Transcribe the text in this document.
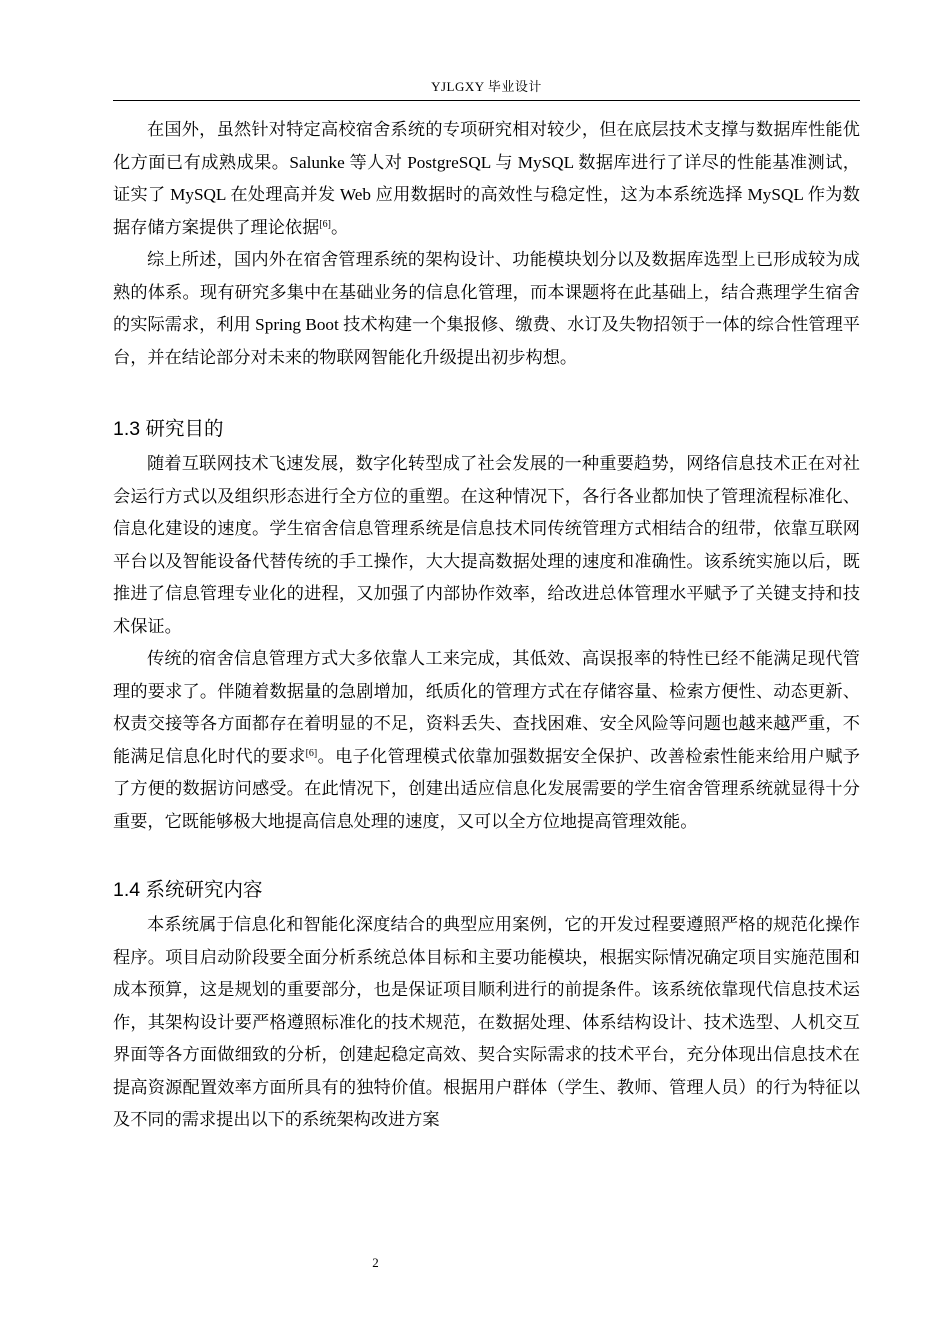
YJLGXY 毕业设计

在国外，虽然针对特定高校宿舍系统的专项研究相对较少，但在底层技术支撑与数据库性能优化方面已有成熟成果。Salunke 等人对 PostgreSQL 与 MySQL 数据库进行了详尽的性能基准测试，证实了 MySQL 在处理高并发 Web 应用数据时的高效性与稳定性，这为本系统选择 MySQL 作为数据存储方案提供了理论依据[6]。

综上所述，国内外在宿舍管理系统的架构设计、功能模块划分以及数据库选型上已形成较为成熟的体系。现有研究多集中在基础业务的信息化管理，而本课题将在此基础上，结合燕理学生宿舍的实际需求，利用 Spring Boot 技术构建一个集报修、缴费、水订及失物招领于一体的综合性管理平台，并在结论部分对未来的物联网智能化升级提出初步构想。

1.3 研究目的

随着互联网技术飞速发展，数字化转型成了社会发展的一种重要趋势，网络信息技术正在对社会运行方式以及组织形态进行全方位的重塑。在这种情况下，各行各业都加快了管理流程标准化、信息化建设的速度。学生宿舍信息管理系统是信息技术同传统管理方式相结合的纽带，依靠互联网平台以及智能设备代替传统的手工操作，大大提高数据处理的速度和准确性。该系统实施以后，既推进了信息管理专业化的进程，又加强了内部协作效率，给改进总体管理水平赋予了关键支持和技术保证。

传统的宿舍信息管理方式大多依靠人工来完成，其低效、高误报率的特性已经不能满足现代管理的要求了。伴随着数据量的急剧增加，纸质化的管理方式在存储容量、检索方便性、动态更新、权责交接等各方面都存在着明显的不足，资料丢失、查找困难、安全风险等问题也越来越严重，不能满足信息化时代的要求[6]。电子化管理模式依靠加强数据安全保护、改善检索性能来给用户赋予了方便的数据访问感受。在此情况下，创建出适应信息化发展需要的学生宿舍管理系统就显得十分重要，它既能够极大地提高信息处理的速度，又可以全方位地提高管理效能。

1.4 系统研究内容

本系统属于信息化和智能化深度结合的典型应用案例，它的开发过程要遵照严格的规范化操作程序。项目启动阶段要全面分析系统总体目标和主要功能模块，根据实际情况确定项目实施范围和成本预算，这是规划的重要部分，也是保证项目顺利进行的前提条件。该系统依靠现代信息技术运作，其架构设计要严格遵照标准化的技术规范，在数据处理、体系结构设计、技术选型、人机交互界面等各方面做细致的分析，创建起稳定高效、契合实际需求的技术平台，充分体现出信息技术在提高资源配置效率方面所具有的独特价值。根据用户群体（学生、教师、管理人员）的行为特征以及不同的需求提出以下的系统架构改进方案

2
